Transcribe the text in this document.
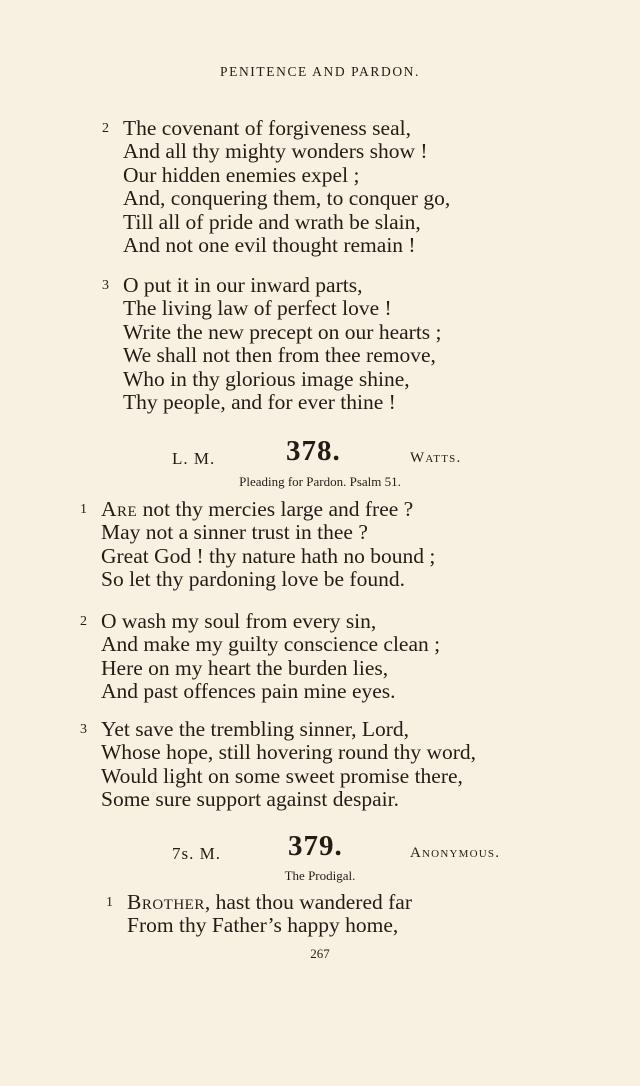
PENITENCE AND PARDON.
2 The covenant of forgiveness seal,
And all thy mighty wonders show !
Our hidden enemies expel ;
And, conquering them, to conquer go,
Till all of pride and wrath be slain,
And not one evil thought remain !
3 O put it in our inward parts,
The living law of perfect love !
Write the new precept on our hearts ;
We shall not then from thee remove,
Who in thy glorious image shine,
Thy people, and for ever thine !
L. M. 378.	Watts.
Pleading for Pardon. Psalm 51.
1 Are not thy mercies large and free ?
May not a sinner trust in thee ?
Great God ! thy nature hath no bound ;
So let thy pardoning love be found.
2 O wash my soul from every sin,
And make my guilty conscience clean ;
Here on my heart the burden lies,
And past offences pain mine eyes.
3 Yet save the trembling sinner, Lord,
Whose hope, still hovering round thy word,
Would light on some sweet promise there,
Some sure support against despair.
7s. M. 379.	Anonymous.
The Prodigal.
1 Brother, hast thou wandered far
From thy Father’s happy home,
267
